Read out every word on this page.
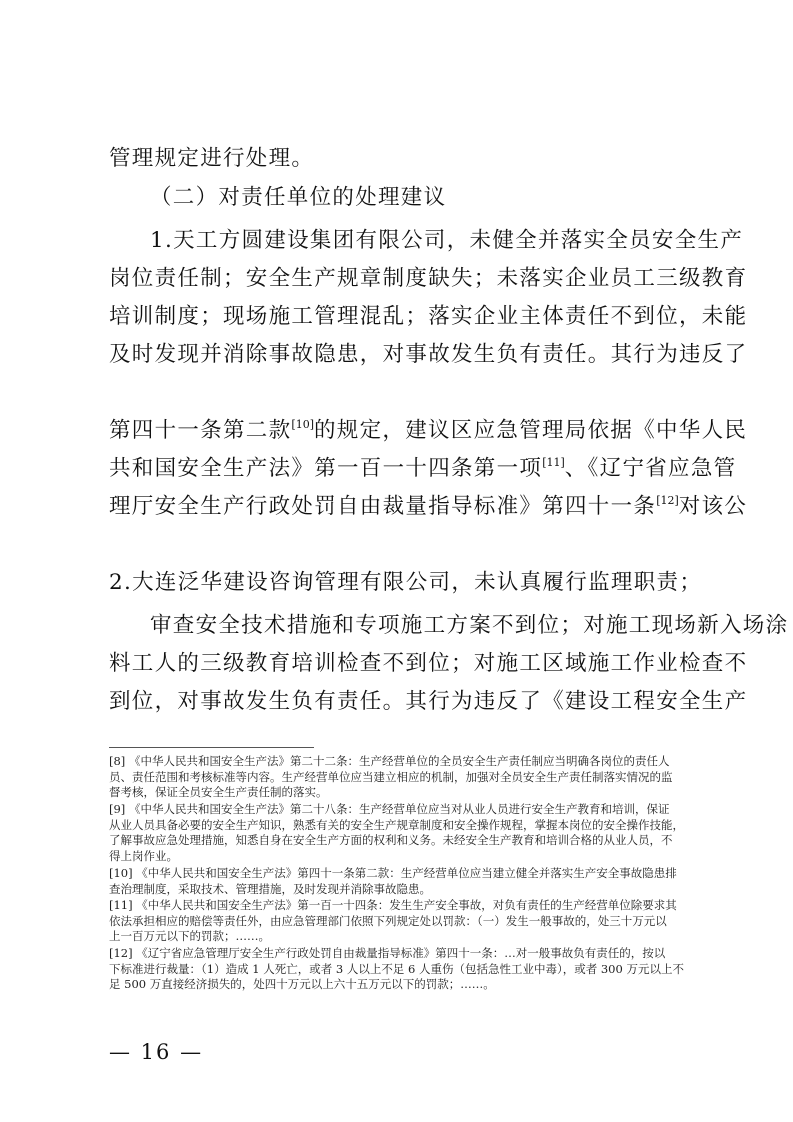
管理规定进行处理。
（二）对责任单位的处理建议
1.天工方圆建设集团有限公司，未健全并落实全员安全生产
岗位责任制；安全生产规章制度缺失；未落实企业员工三级教育
培训制度；现场施工管理混乱；落实企业主体责任不到位，未能
及时发现并消除事故隐患，对事故发生负有责任。其行为违反了
第四十一条第二款[10]的规定，建议区应急管理局依据《中华人民
共和国安全生产法》第一百一十四条第一项[11]、《辽宁省应急管
理厅安全生产行政处罚自由裁量指导标准》第四十一条[12]对该公
2.大连泛华建设咨询管理有限公司，未认真履行监理职责；
审查安全技术措施和专项施工方案不到位；对施工现场新入场涂
料工人的三级教育培训检查不到位；对施工区域施工作业检查不
到位，对事故发生负有责任。其行为违反了《建设工程安全生产
[8] 《中华人民共和国安全生产法》第二十二条：生产经营单位的全员安全生产责任制应当明确各岗位的责任人
员、责任范围和考核标准等内容。生产经营单位应当建立相应的机制，加强对全员安全生产责任制落实情况的监
督考核，保证全员安全生产责任制的落实。
[9] 《中华人民共和国安全生产法》第二十八条：生产经营单位应当对从业人员进行安全生产教育和培训，保证
从业人员具备必要的安全生产知识，熟悉有关的安全生产规章制度和安全操作规程，掌握本岗位的安全操作技能，
了解事故应急处理措施，知悉自身在安全生产方面的权利和义务。未经安全生产教育和培训合格的从业人员，不
得上岗作业。
[10] 《中华人民共和国安全生产法》第四十一条第二款：生产经营单位应当建立健全并落实生产安全事故隐患排
查治理制度，采取技术、管理措施，及时发现并消除事故隐患。
[11] 《中华人民共和国安全生产法》第一百一十四条：发生生产安全事故，对负有责任的生产经营单位除要求其
依法承担相应的赔偿等责任外，由应急管理部门依照下列规定处以罚款：（一）发生一般事故的，处三十万元以
上一百万元以下的罚款；……。
[12] 《辽宁省应急管理厅安全生产行政处罚自由裁量指导标准》第四十一条：…对一般事故负有责任的，按以
下标准进行裁量：（1）造成 1 人死亡，或者 3 人以上不足 6 人重伤（包括急性工业中毒），或者 300 万元以上不
足 500 万直接经济损失的，处四十万元以上六十五万元以下的罚款；……。
— 16 —
